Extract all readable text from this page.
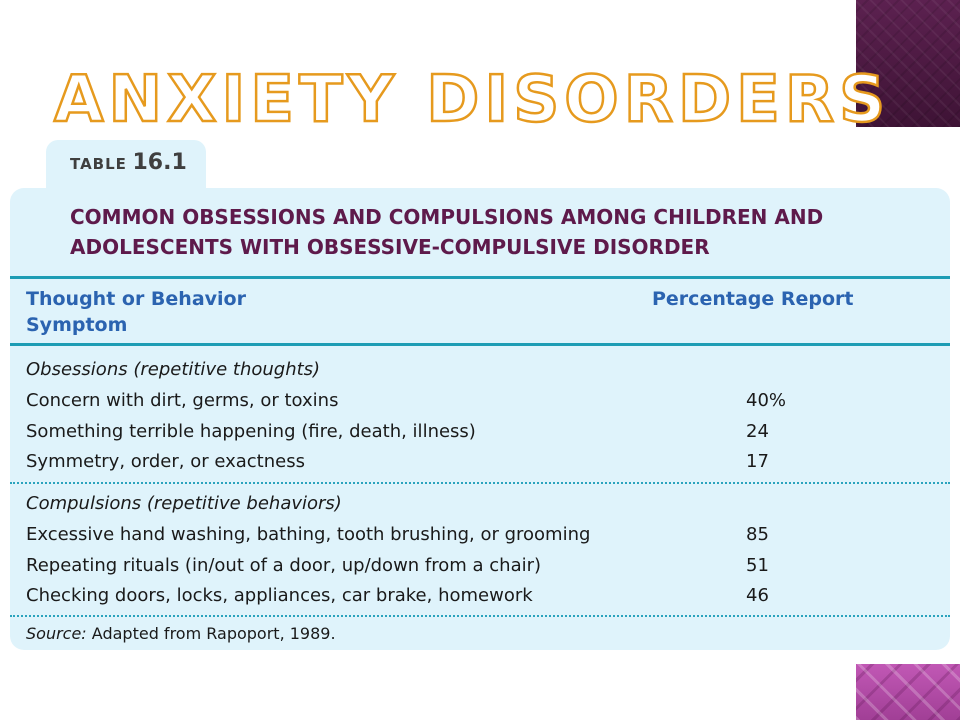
ANXIETY DISORDERS
TABLE 16.1
COMMON OBSESSIONS AND COMPULSIONS AMONG CHILDREN AND
ADOLESCENTS WITH OBSESSIVE-COMPULSIVE DISORDER
Thought or Behavior
Symptom
Percentage Report
Obsessions (repetitive thoughts)
Concern with dirt, germs, or toxins	40%
Something terrible happening (fire, death, illness)	24
Symmetry, order, or exactness	17
Compulsions (repetitive behaviors)
Excessive hand washing, bathing, tooth brushing, or grooming	85
Repeating rituals (in/out of a door, up/down from a chair)	51
Checking doors, locks, appliances, car brake, homework	46
Source: Adapted from Rapoport, 1989.
